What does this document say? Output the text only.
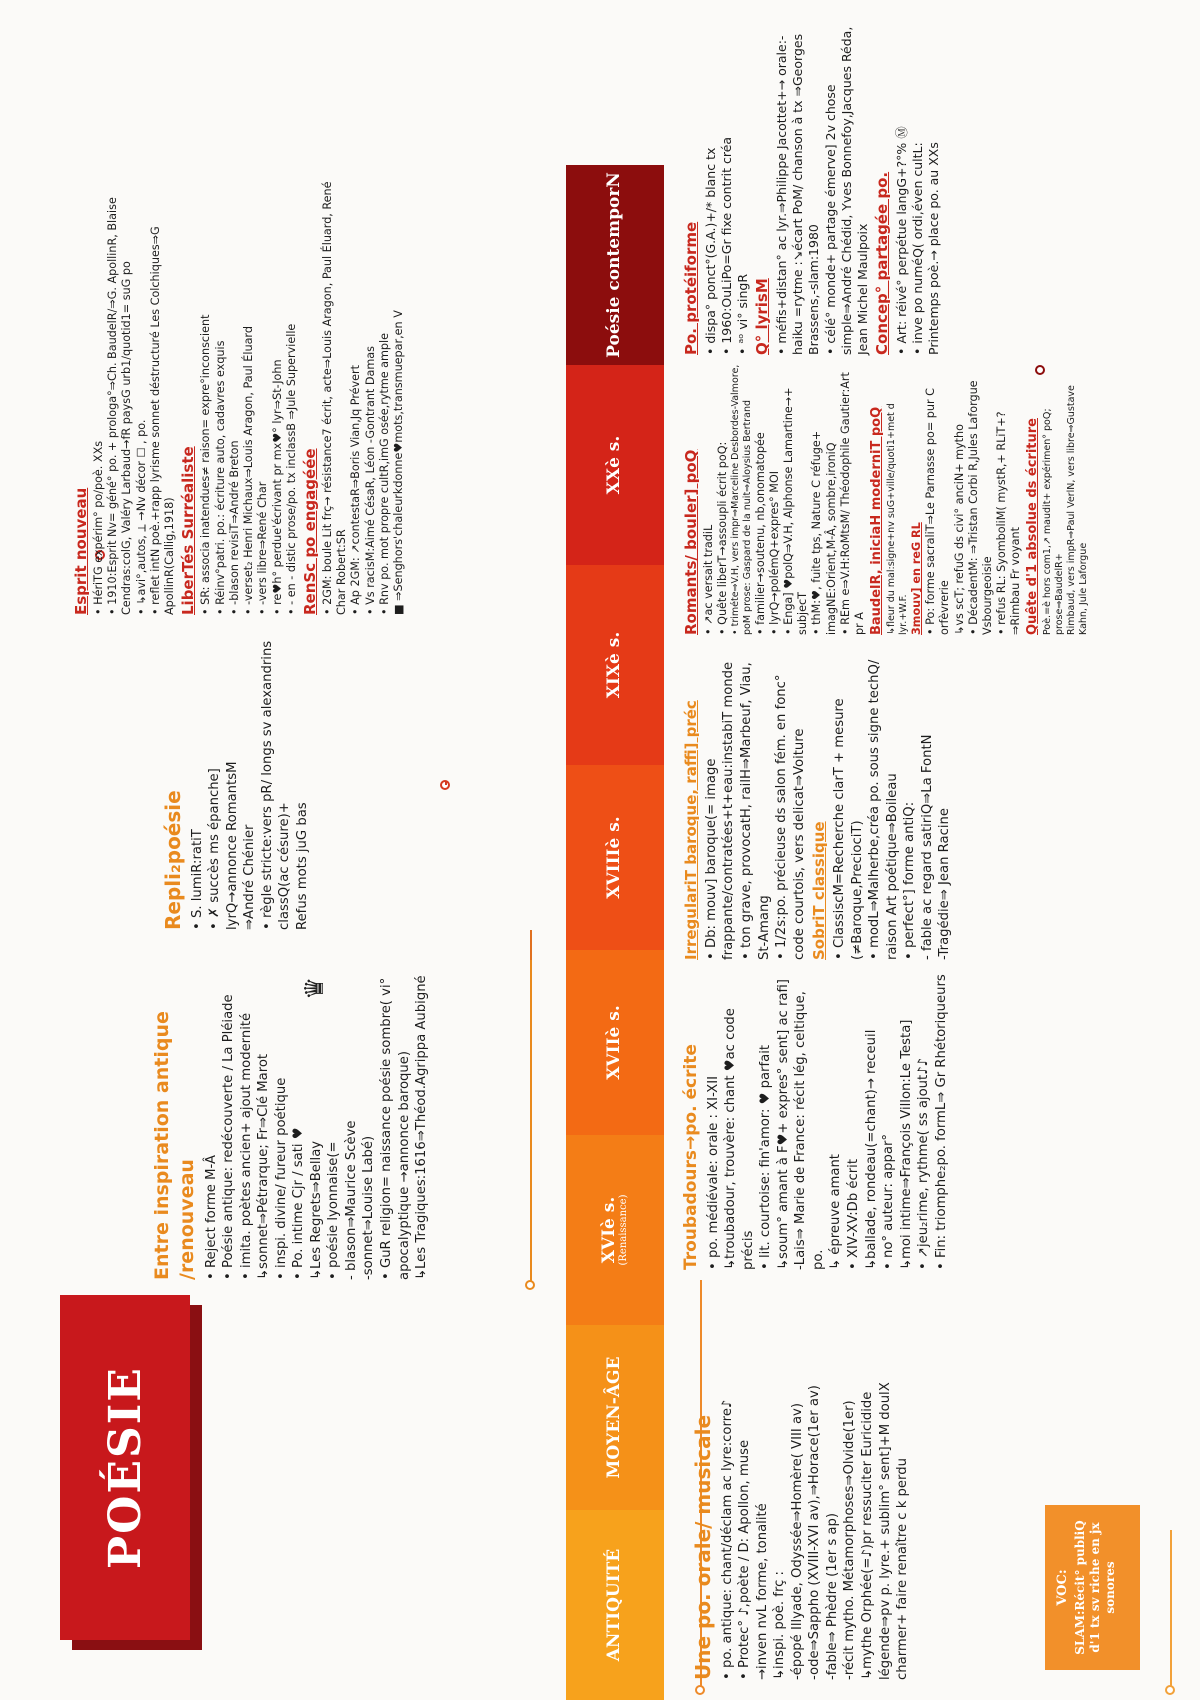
POÉSIE
VOC: SLAM:Récit° publiQ d'1 tx sv riche en jx sonores
ANTIQUITÉ
MOYEN-ÂGE
XVIè s.
(Renaissance)
XVIIè s.
XVIIIè s.
XIXè s.
XXè s.
Poésie contemporN
Une po. orale/ musicale • po. antique: chant/déclam ac lyre:corre♪ • Protec° ♪,poète / D: Apollon, muse →inven nvL forme, tonalité ↳inspi. poè. frç : -épopé Illyade, Odyssée⇒Homère( VIII av) -ode⇒Sappho (XVIII-XVI av),⇒Horace(1er av) -fable⇒ Phèdre (1er s ap) -récit mytho. Métamorphoses⇒Olvide(1er) ↳mythe Orphée(=♪)pr ressuciter Euricidide légende⇒pv p. lyre.+ sublim° sent]+M doulX charmer+ faire renaître c k perdu
Troubadours→po. écrite • po. médiévale: orale : XI-XII ↳troubadour, trouvère: chant ♥ac code précis • lit. courtoise: fin'amor: ♥ parfait ↳soum° amant à F♥+ expres° sent] ac rafi] -Lais⇒ Marie de France: récit lég, celtique, po. ↳ épreuve amant • XIV-XV:Db écrit ↳ballade, rondeau(=chant)→ receuil • no° auteur: appar° ↳moi intime⇒François Villon:Le Testa] • ↗jeu₂rime, rythme( ss ajout♪♪ • Fin: triomphe₂po. formL⇒ Gr Rhétoriqueurs
Entre inspiration antique /renouveau • Reject forme M-Â • Poésie antique: redécouverte / La Pléiade • imita. poètes ancien+ ajout modernité ↳sonnet⇒Pétrarque; Fr⇒Clé Marot • inspi. divine/ fureur poétique • Po. intime Cjr / sati ♥ ↳Les Regrets⇒Bellay • poésie lyonnaise(= - blason⇒Maurice Scève -sonnet⇒Louise Labé) • GuR religion= naissance poésie sombre( vi° apocalyptique →annonce baroque) ↳Les Tragiques:1616⇒Théod.Agrippa Aubigné
♛
IrregulariT baroque, raffi] préc • Db: mouv] baroque(= image frappante/contratées+t+eau:instabiT monde • ton grave, provocatH, railH⇒Marbeuf, Viau, St-Amang • 1/2s:po. précieuse ds salon fém. en fonc° code courtois, vers delicat⇒Voiture SobriT classique • ClassiscM=Recherche clarT + mesure (≠Baroque,PreciociT) • modL⇒Malherbe,créa po. sous signe techQ/ raison Art poétique⇒Boileau • perfect°] forme antiQ: - fable ac regard satiriQ⇒La FontN -Tragédie⇒ Jean Racine
Repli₂poésie • S. lumiR:ratiT • ✗ succès ms épanche] lyrQ→annonce RomantsM ⇒André Chénier • règle stricte:vers pR/ longs sv alexandrins classQ(ac césure)+ Refus mots juG bas
Romants/ bouler] poQ • ↗ac versait tradiL • Quête liberT→assoupli écrit poQ: • triméte⇒V.H, vers impr⇒Marceline Desbordes-Valmore, poM prose: Gaspard de la nuit⇒Aloysius Bertrand • familier→soutenu, nb,onomatopée • lyrQ→polémQ+expres° MOI • Enga] ♥polQ⇒V.H, Alphonse Lamartine→+ subjecT • thM:♥, fuite tps, Nature C réfuge+ imagNE:Orient,M-Â, sombre,ironiQ • REm e⇒V.H:RoMtsM/ Théodophile Gautier:Art pr A BaudelR, iniciaH moderniT poQ ↳fleur du mal:signe+nv suG+ville/quoti1+met d lyr.+W.F. 3mouv] en reG RL • Po: forme sacraliT⇒Le Parnasse po= pur C orfèvrerie ↳vs scT; refuG ds civi° anciN+ mytho • DécadentM: ⇒Tristan Corbi R,Jules Laforgue Vsbourgeoisie • refus RL: SyomboliM( mystR,+ RLiT+?⇒Rimbau Fr voyant Quête d'1 absolue ds écriture Poè.=è hors com1,↗ maudit+ expérimen° poQ; prose⇒BaudelR+ Rimbaud, vers impR⇒Paul VerlN, vers libre⇒Gustave Kahn, Jule Laforgue
Esprit nouveau • HériTG expérim° po/poè. XXs • 1910:Esprit Nv= géné° po. + prologa°⇒Ch. BaudelR/⇒G. ApollinR, Blaise Cendras:colG, Valéry Larbaud→fR paysG urb1/quotid1= suG po • ↳avi°,autos, ⟂ →Nv décor ☐ , po. • reflet intN poè.+rapp lyrisme sonnet déstructuré Les Colchiques⇒G ApollinR(Callig,1918) LiberTés Surréaliste • SR: associa inatendues≠ raison= expre°inconscient • Réinv°patri. po.: écriture auto, cadavres exquis • -blason revisiT⇒André Breton • -verset₂ Henri Michaux⇒Louis Aragon, Paul Éluard • -vers libre⇒René Char • re♥h° perdue'écrivant pr mx♥° lyr⇒St-John • - en - distic prose/po. tx inclassB ⇒Jule Supervielle RenSc po engagéée • 2GM: boule Lit frç→ résistance7 écrit, acte⇒Louis Aragon, Paul Éluard, René Char Robert:SR • Ap 2GM: ↗contestaR⇒Boris Vian,Jq Prévert • Vs racisM:Aimé CésaR, Léon -Gontrant Damas • Rnv po. mot propre cultR,imG osée,rytme ample ■ ⇒Senghors'chaleurkdonne♥mots,transmuepar,en V
Po. protéiforme • dispa° ponct°(G.A.)+/* blanc tx • 1960:OuLiPo=Gr fixe contrit créa • ᵃᵒ vi° singR Q° lyrisM • méfis+distan° ac lyr.⇒Philippe Jacottet+→ orale:-haiku =rytme :↘écart PoM/ chanson à tx ⇒Georges Brassens,-slam:1980 • célé° monde+ partage émerve] 2v chose simple⇒André Chédid, Yves Bonnefoy,Jacques Réda, Jean Michel Maulpoix Concep° partagée po. • Art: réivé° perpétue langG+?°% Ⓜ • inve po numéQ( ordi,éven cultL: Printemps poè.→ place po. au XXs
